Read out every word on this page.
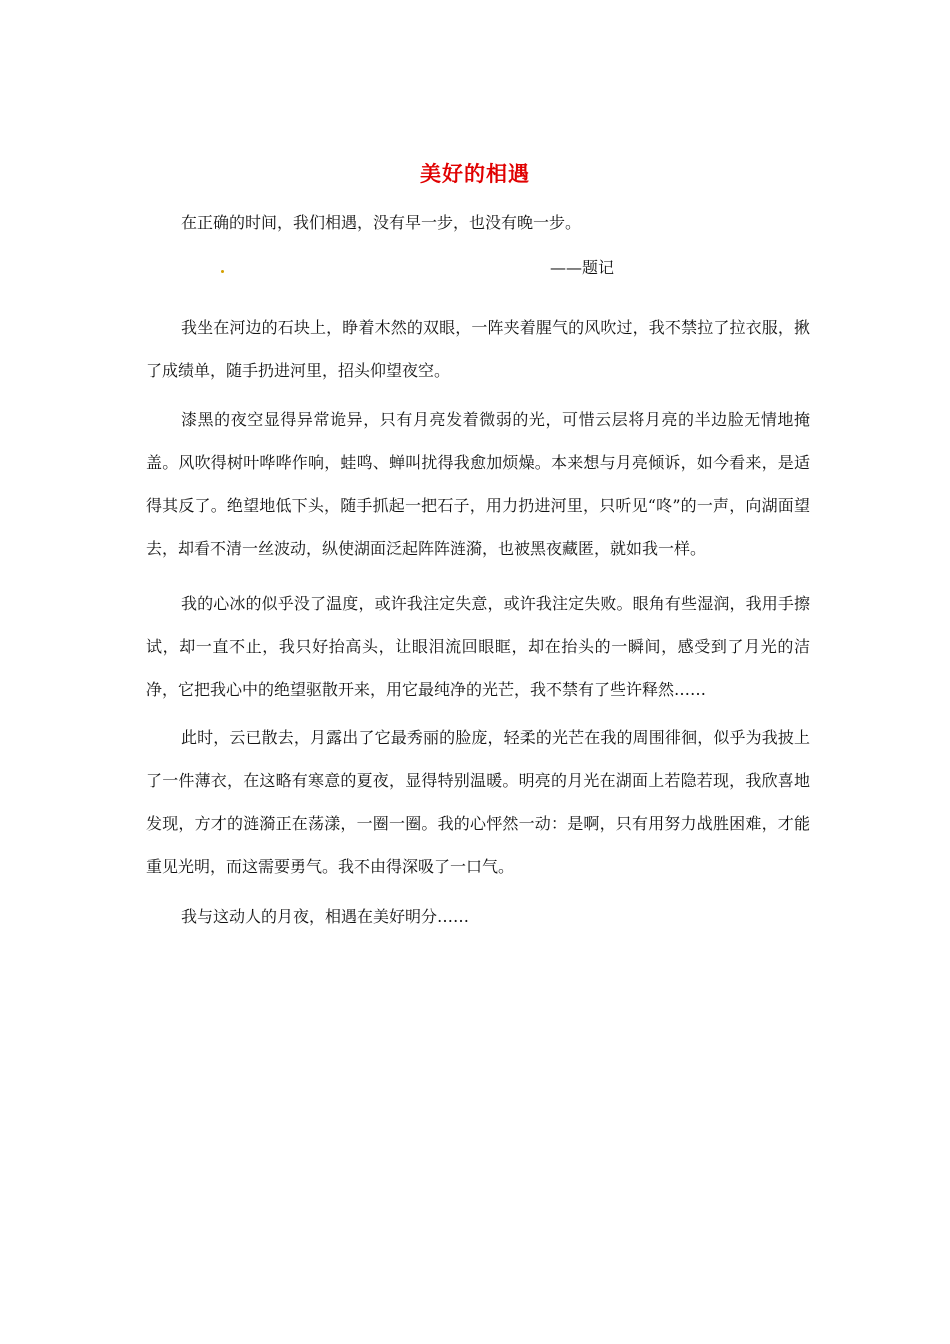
美好的相遇
在正确的时间，我们相遇，没有早一步，也没有晚一步。
——题记

我坐在河边的石块上，睁着木然的双眼，一阵夹着腥气的风吹过，我不禁拉了拉衣服，揪了成绩单，随手扔进河里，招头仰望夜空。

漆黑的夜空显得异常诡异，只有月亮发着微弱的光，可惜云层将月亮的半边脸无情地掩盖。风吹得树叶哗哗作响，蛙鸣、蝉叫扰得我愈加烦燥。本来想与月亮倾诉，如今看来，是适得其反了。绝望地低下头，随手抓起一把石子，用力扔进河里，只听见“咚”的一声，向湖面望去，却看不清一丝波动，纵使湖面泛起阵阵涟漪，也被黑夜藏匿，就如我一样。

我的心冰的似乎没了温度，或许我注定失意，或许我注定失败。眼角有些湿润，我用手擦试，却一直不止，我只好抬高头，让眼泪流回眼眶，却在抬头的一瞬间，感受到了月光的洁净，它把我心中的绝望驱散开来，用它最纯净的光芒，我不禁有了些许释然……

此时，云已散去，月露出了它最秀丽的脸庞，轻柔的光芒在我的周围徘徊，似乎为我披上了一件薄衣，在这略有寒意的夏夜，显得特别温暖。明亮的月光在湖面上若隐若现，我欣喜地发现，方才的涟漪正在荡漾，一圈一圈。我的心怦然一动：是啊，只有用努力战胜困难，才能重见光明，而这需要勇气。我不由得深吸了一口气。

我与这动人的月夜，相遇在美好明分……
